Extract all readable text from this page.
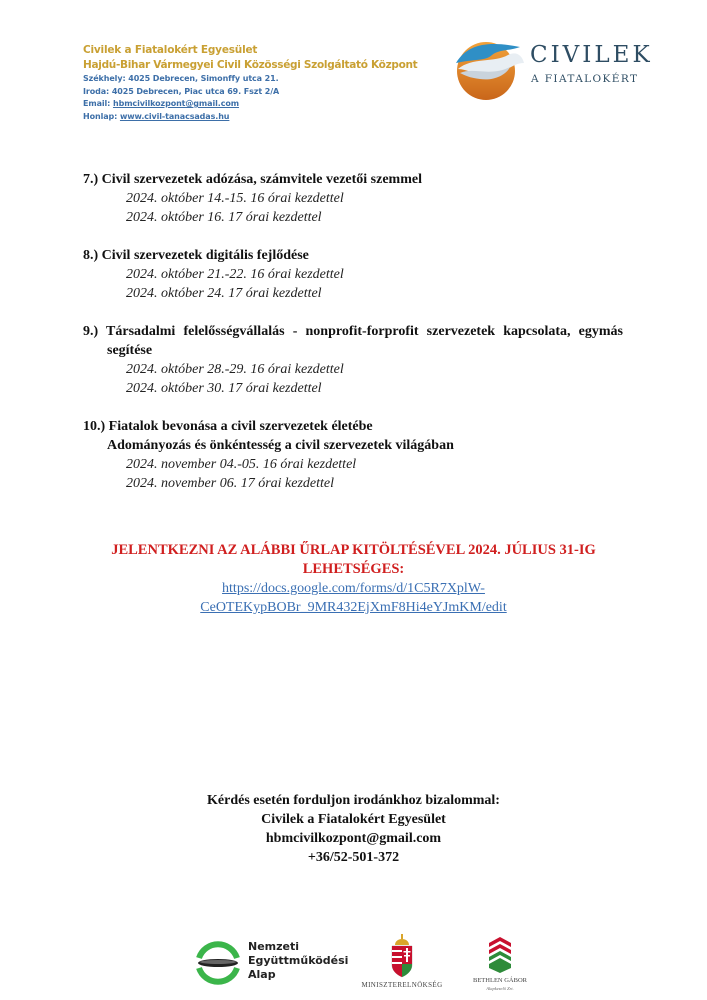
Civilek a Fiatalokért Egyesület
Hajdú-Bihar Vármegyei Civil Közösségi Szolgáltató Központ
Székhely: 4025 Debrecen, Simonffy utca 21.
Iroda: 4025 Debrecen, Piac utca 69. Fszt 2/A
Email: hbmcivilkozpont@gmail.com
Honlap: www.civil-tanacsadas.hu
CIVILEK
A FIATALOKÉRT
7.) Civil szervezetek adózása, számvitele vezetői szemmel
2024. október 14.-15. 16 órai kezdettel
2024. október 16. 17 órai kezdettel
8.) Civil szervezetek digitális fejlődése
2024. október 21.-22. 16 órai kezdettel
2024. október 24. 17 órai kezdettel
9.) Társadalmi felelősségvállalás - nonprofit-forprofit szervezetek kapcsolata, egymás
segítése
2024. október 28.-29. 16 órai kezdettel
2024. október 30. 17 órai kezdettel
10.) Fiatalok bevonása a civil szervezetek életébe
Adományozás és önkéntesség a civil szervezetek világában
2024. november 04.-05. 16 órai kezdettel
2024. november 06. 17 órai kezdettel
JELENTKEZNI AZ ALÁBBI ŰRLAP KITÖLTÉSÉVEL 2024. JÚLIUS 31-IG
LEHETSÉGES:
https://docs.google.com/forms/d/1C5R7XplW-
CeOTEKypBOBr_9MR432EjXmF8Hi4eYJmKM/edit
Kérdés esetén forduljon irodánkhoz bizalommal:
Civilek a Fiatalokért Egyesület
hbmcivilkozpont@gmail.com
+36/52-501-372
Nemzeti
Együttműködési
Alap
MINISZTERELNÖKSÉG
BETHLEN GÁBOR
Alapkezelő Zrt.
